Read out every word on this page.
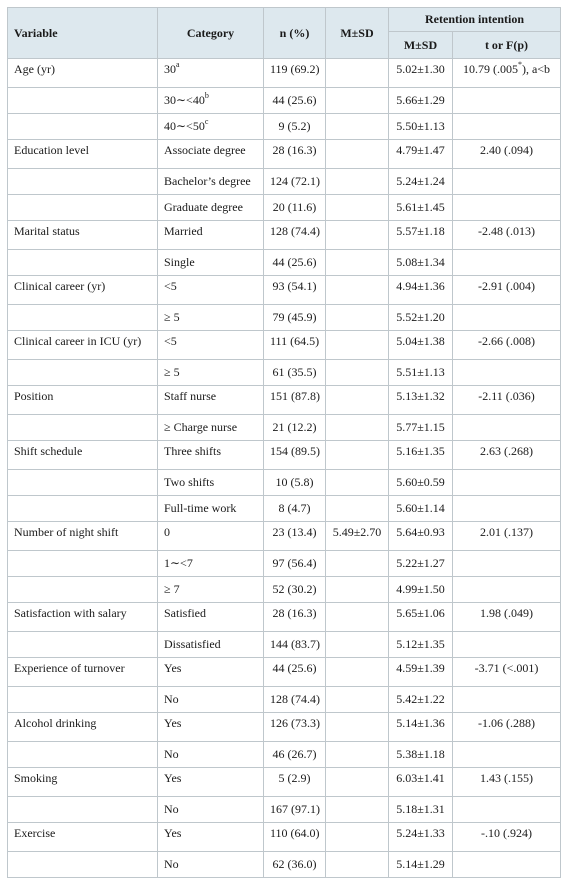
Variable	Category	n (%)	M±SD	Retention intention	
				M±SD	t or F(p)
Age (yr)	30$^a$	119 (69.2)		5.02±1.30	10.79 (.005*), a<b
	$30\sim<40^b$	44 (25.6)		5.66±1.29	
	$40\sim<50^c$	9 (5.2)		5.50±1.13	
Education level	Associate degree	28 (16.3)		4.79±1.47	2.40 (.094)
	Bachelor’s degree	124 (72.1)		5.24±1.24	
	Graduate degree	20 (11.6)		5.61±1.45	
Marital status	Married	128 (74.4)		5.57±1.18	-2.48 (.013)
	Single	44 (25.6)		5.08±1.34	
Clinical career (yr)	<5	93 (54.1)		4.94±1.36	-2.91 (.004)
	≥ 5	79 (45.9)		5.52±1.20	
Clinical career in ICU (yr)	<5	111 (64.5)		5.04±1.38	-2.66 (.008)
	≥ 5	61 (35.5)		5.51±1.13	
Position	Staff nurse	151 (87.8)		5.13±1.32	-2.11 (.036)
	≥ Charge nurse	21 (12.2)		5.77±1.15	
Shift schedule	Three shifts	154 (89.5)		5.16±1.35	2.63 (.268)
	Two shifts	10 (5.8)		5.60±0.59	
	Full-time work	8 (4.7)		5.60±1.14	
Number of night shift	0	23 (13.4)	5.49±2.70	5.64±0.93	2.01 (.137)
	1∼<7	97 (56.4)		5.22±1.27	
	≥ 7	52 (30.2)		4.99±1.50	
Satisfaction with salary	Satisfied	28 (16.3)		5.65±1.06	1.98 (.049)
	Dissatisfied	144 (83.7)		5.12±1.35	
Experience of turnover	Yes	44 (25.6)		4.59±1.39	-3.71 (<.001)
	No	128 (74.4)		5.42±1.22	
Alcohol drinking	Yes	126 (73.3)		5.14±1.36	-1.06 (.288)
	No	46 (26.7)		5.38±1.18	
Smoking	Yes	5 (2.9)		6.03±1.41	1.43 (.155)
	No	167 (97.1)		5.18±1.31	
Exercise	Yes	110 (64.0)		5.24±1.33	-.10 (.924)
	No	62 (36.0)		5.14±1.29	
